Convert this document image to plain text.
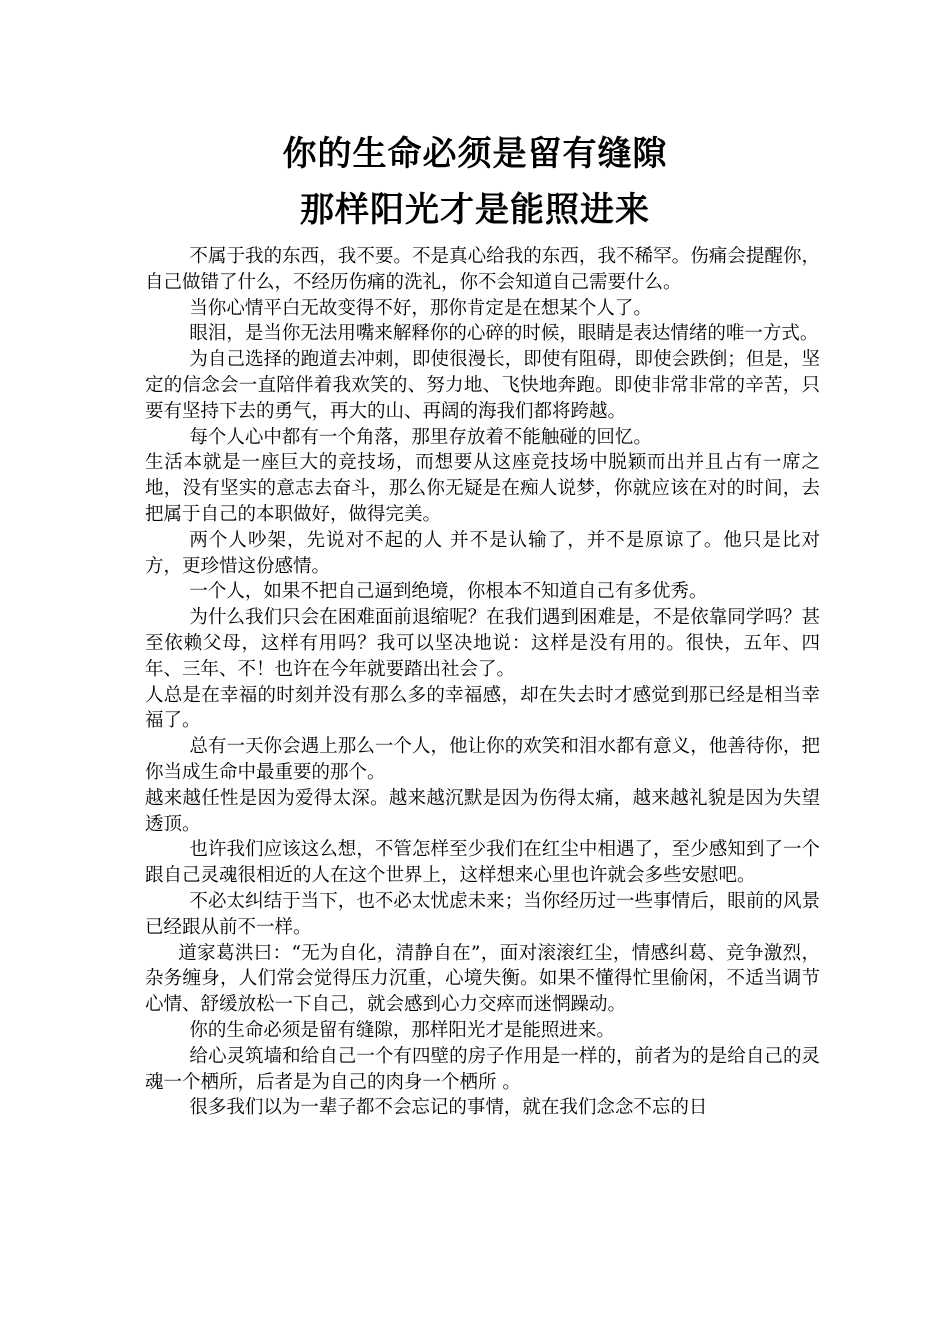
你的生命必须是留有缝隙
那样阳光才是能照进来

不属于我的东西，我不要。不是真心给我的东西，我不稀罕。伤痛会提醒你，自己做错了什么，不经历伤痛的洗礼，你不会知道自己需要什么。

当你心情平白无故变得不好，那你肯定是在想某个人了。

眼泪，是当你无法用嘴来解释你的心碎的时候，眼睛是表达情绪的唯一方式。

为自己选择的跑道去冲刺，即使很漫长，即使有阻碍，即使会跌倒；但是，坚定的信念会一直陪伴着我欢笑的、努力地、飞快地奔跑。即使非常非常的辛苦，只要有坚持下去的勇气，再大的山、再阔的海我们都将跨越。

每个人心中都有一个角落，那里存放着不能触碰的回忆。

生活本就是一座巨大的竞技场，而想要从这座竞技场中脱颖而出并且占有一席之地，没有坚实的意志去奋斗，那么你无疑是在痴人说梦，你就应该在对的时间，去把属于自己的本职做好，做得完美。

两个人吵架，先说对不起的人 并不是认输了，并不是原谅了。他只是比对方，更珍惜这份感情。

一个人，如果不把自己逼到绝境，你根本不知道自己有多优秀。

为什么我们只会在困难面前退缩呢？在我们遇到困难是，不是依靠同学吗？甚至依赖父母，这样有用吗？我可以坚决地说：这样是没有用的。很快，五年、四年、三年、不！也许在今年就要踏出社会了。

人总是在幸福的时刻并没有那么多的幸福感，却在失去时才感觉到那已经是相当幸福了。

总有一天你会遇上那么一个人，他让你的欢笑和泪水都有意义，他善待你，把你当成生命中最重要的那个。

越来越任性是因为爱得太深。越来越沉默是因为伤得太痛，越来越礼貌是因为失望透顶。

也许我们应该这么想，不管怎样至少我们在红尘中相遇了，至少感知到了一个跟自己灵魂很相近的人在这个世界上，这样想来心里也许就会多些安慰吧。

不必太纠结于当下，也不必太忧虑未来；当你经历过一些事情后，眼前的风景已经跟从前不一样。

道家葛洪曰：“无为自化，清静自在”，面对滚滚红尘，情感纠葛、竞争激烈，杂务缠身，人们常会觉得压力沉重，心境失衡。如果不懂得忙里偷闲，不适当调节心情、舒缓放松一下自己，就会感到心力交瘁而迷惘躁动。

你的生命必须是留有缝隙，那样阳光才是能照进来。

给心灵筑墙和给自己一个有四壁的房子作用是一样的，前者为的是给自己的灵魂一个栖所，后者是为自己的肉身一个栖所 。

很多我们以为一辈子都不会忘记的事情，就在我们念念不忘的日
